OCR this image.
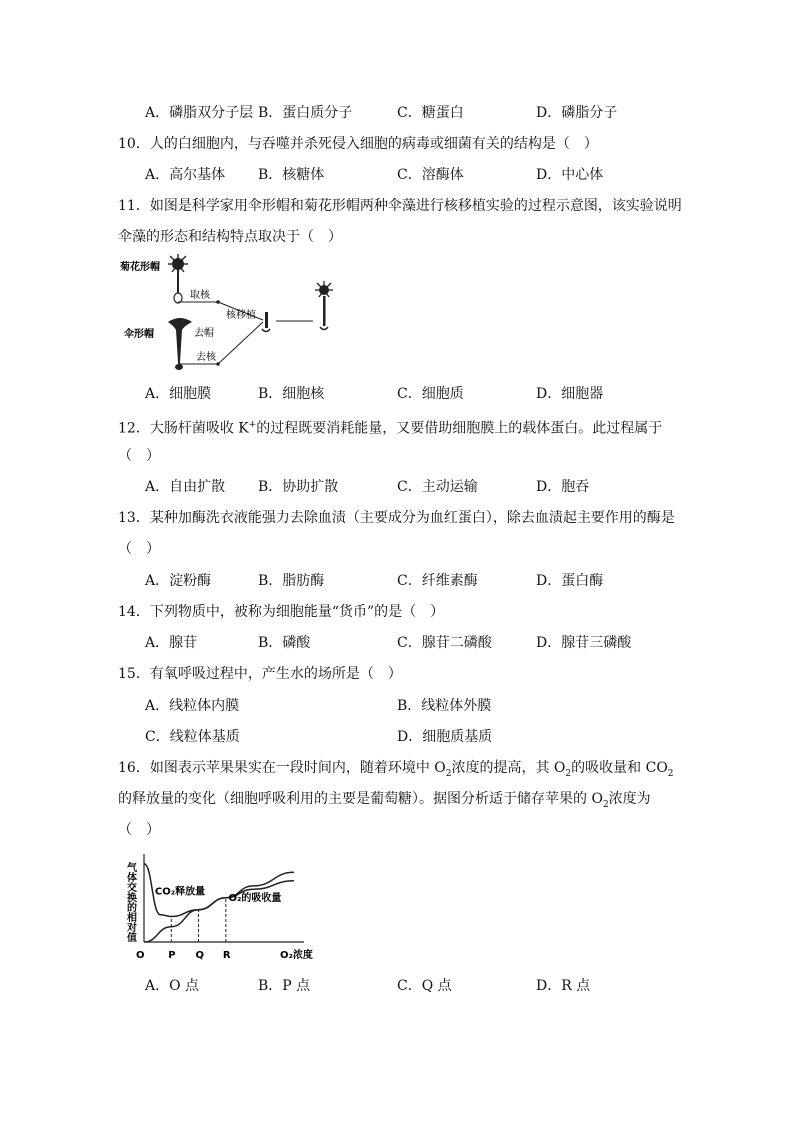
A．磷脂双分子层 B．蛋白质分子	C．糖蛋白	D．磷脂分子
10．人的白细胞内，与吞噬并杀死侵入细胞的病毒或细菌有关的结构是（　）
A．高尔基体 B．核糖体	C．溶酶体	D．中心体
11．如图是科学家用伞形帽和菊花形帽两种伞藻进行核移植实验的过程示意图，该实验说明
伞藻的形态和结构特点取决于（　）
菊花形帽
取核
伞形帽	去帽
去核
核移植
A．细胞膜	B．细胞核	C．细胞质	D．细胞器
12．大肠杆菌吸收 K+的过程既要消耗能量，又要借助细胞膜上的载体蛋白。此过程属于
（　）
A．自由扩散 B．协助扩散	C．主动运输	D．胞吞
13．某种加酶洗衣液能强力去除血渍（主要成分为血红蛋白），除去血渍起主要作用的酶是
（　）
A．淀粉酶	B．脂肪酶	C．纤维素酶	D．蛋白酶
14．下列物质中，被称为细胞能量“货币”的是（　）
A．腺苷	B．磷酸	C．腺苷二磷酸	D．腺苷三磷酸
15．有氧呼吸过程中，产生水的场所是（　）
A．线粒体内膜	B．线粒体外膜
C．线粒体基质	D．细胞质基质
16．如图表示苹果果实在一段时间内，随着环境中 $O_2$浓度的提高，其 $O_2$的吸收量和 $CO_2$
的释放量的变化（细胞呼吸利用的主要是葡萄糖）。据图分析适于储存苹果的 $O_2$浓度为
（　）
气体交换的相对值
O₂浓度
O P Q R
CO₂释放量
O₂的吸收量
A．O 点	B．P 点	C．Q 点	D．R 点
